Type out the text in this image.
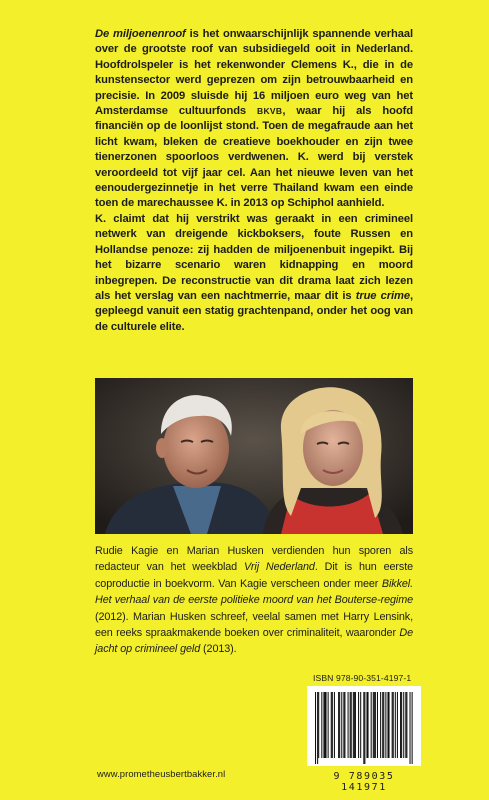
De miljoenenroof is het onwaarschijnlijk spannende verhaal over de grootste roof van subsidiegeld ooit in Nederland. Hoofdrolspeler is het rekenwonder Clemens K., die in de kunstensector werd geprezen om zijn betrouwbaarheid en precisie. In 2009 sluisde hij 16 miljoen euro weg van het Amsterdamse cultuurfonds BKVB, waar hij als hoofd financiën op de loonlijst stond. Toen de megafraude aan het licht kwam, bleken de creatieve boekhouder en zijn twee tienerzonen spoorloos verdwenen. K. werd bij verstek veroordeeld tot vijf jaar cel. Aan het nieuwe leven van het eenoudergezinnetje in het verre Thailand kwam een einde toen de marechaussee K. in 2013 op Schiphol aanhield.

K. claimt dat hij verstrikt was geraakt in een crimineel netwerk van dreigende kickboksers, foute Russen en Hollandse penoze: zij hadden de miljoenenbuit ingepikt. Bij het bizarre scenario waren kidnapping en moord inbegrepen. De reconstructie van dit drama laat zich lezen als het verslag van een nachtmerrie, maar dit is true crime, gepleegd vanuit een statig grachtenpand, onder het oog van de culturele elite.

Rudie Kagie en Marian Husken verdienden hun sporen als redacteur van het weekblad Vrij Nederland. Dit is hun eerste coproductie in boekvorm. Van Kagie verscheen onder meer Bikkel. Het verhaal van de eerste politieke moord van het Bouterse-regime (2012). Marian Husken schreef, veelal samen met Harry Lensink, een reeks spraakmakende boeken over criminaliteit, waaronder De jacht op crimineel geld (2013).
ISBN 978-90-351-4197-1
9 789035 141971
www.prometheusbertbakker.nl
